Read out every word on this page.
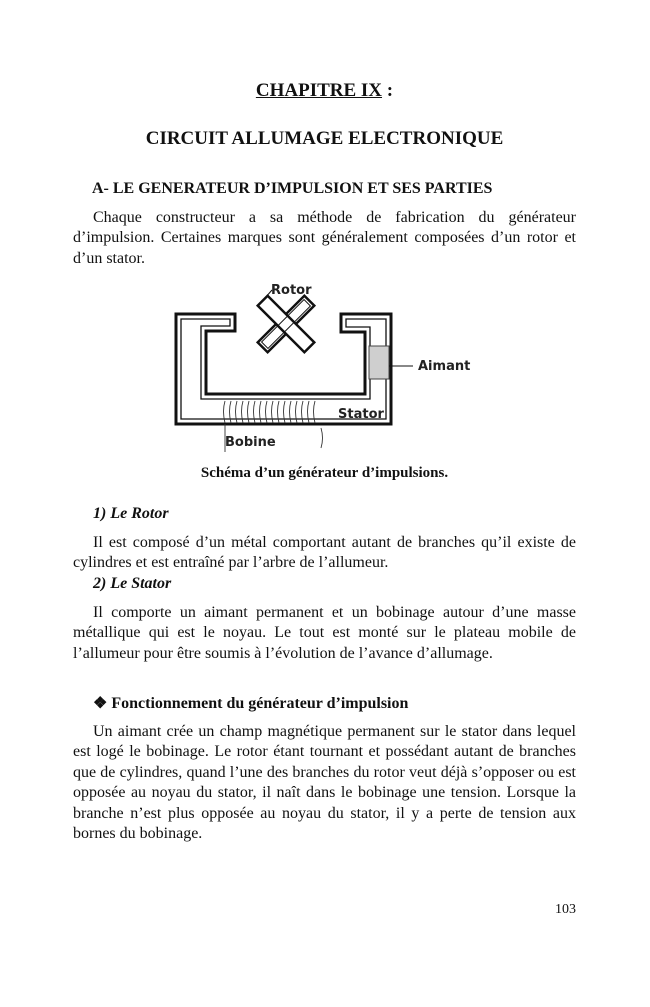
CHAPITRE IX :
CIRCUIT ALLUMAGE ELECTRONIQUE
A- LE GENERATEUR D’IMPULSION ET SES PARTIES

Chaque constructeur a sa méthode de fabrication du générateur d’impulsion. Certaines marques sont généralement composées d’un rotor et d’un stator.

Rotor
Aimant
Stator
Bobine
Schéma d’un générateur d’impulsions.
1) Le Rotor

Il est composé d’un métal comportant autant de branches qu’il existe de cylindres et est entraîné par l’arbre de l’allumeur.

2) Le Stator

Il comporte un aimant permanent et un bobinage autour d’une masse métallique qui est le noyau. Le tout est monté sur le plateau mobile de l’allumeur pour être soumis à l’évolution de l’avance d’allumage.

❖ Fonctionnement du générateur d’impulsion

Un aimant crée un champ magnétique permanent sur le stator dans lequel est logé le bobinage. Le rotor étant tournant et possédant autant de branches que de cylindres, quand l’une des branches du rotor veut déjà s’opposer ou est opposée au noyau du stator, il naît dans le bobinage une tension. Lorsque la branche n’est plus opposée au noyau du stator, il y a perte de tension aux bornes du bobinage.

103
